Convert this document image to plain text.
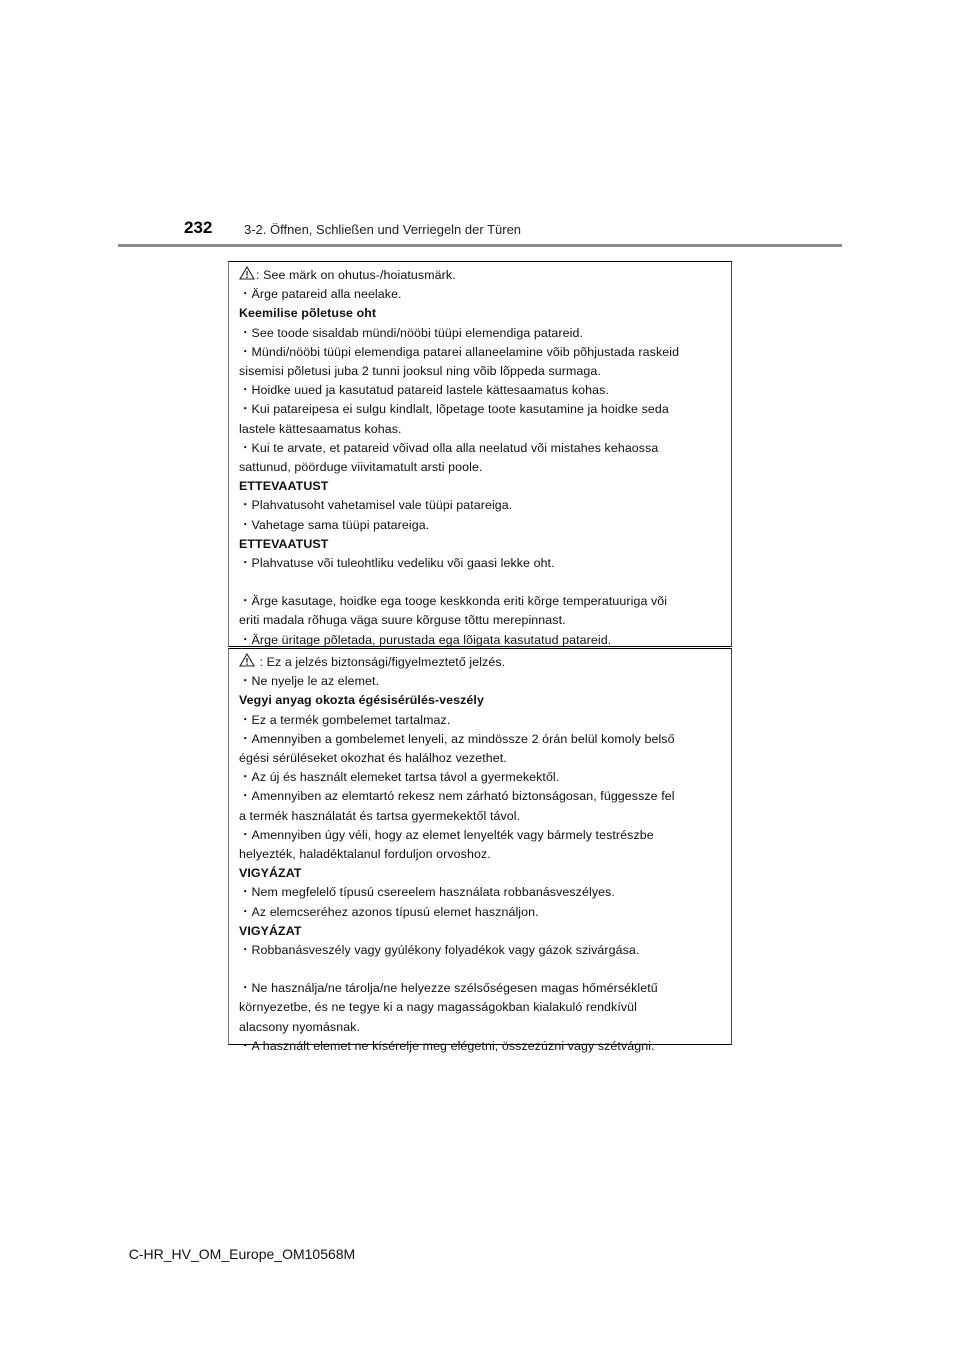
232 3-2. Öffnen, Schließen und Verriegeln der Türen
: See märk on ohutus-/hoiatusmärk.
・Ärge patareid alla neelake.
Keemilise põletuse oht
・See toode sisaldab mündi/nööbi tüüpi elemendiga patareid.
・Mündi/nööbi tüüpi elemendiga patarei allaneelamine võib põhjustada raskeid
sisemisi põletusi juba 2 tunni jooksul ning võib lõppeda surmaga.
・Hoidke uued ja kasutatud patareid lastele kättesaamatus kohas.
・Kui patareipesa ei sulgu kindlalt, lõpetage toote kasutamine ja hoidke seda
lastele kättesaamatus kohas.
・Kui te arvate, et patareid võivad olla alla neelatud või mistahes kehaossa
sattunud, pöörduge viivitamatult arsti poole.
ETTEVAATUST
・Plahvatusoht vahetamisel vale tüüpi patareiga.
・Vahetage sama tüüpi patareiga.
ETTEVAATUST
・Plahvatuse või tuleohtliku vedeliku või gaasi lekke oht.
・Ärge kasutage, hoidke ega tooge keskkonda eriti kõrge temperatuuriga või
eriti madala rõhuga väga suure kõrguse tõttu merepinnast.
・Ärge üritage põletada, purustada ega lõigata kasutatud patareid.
: Ez a jelzés biztonsági/figyelmeztető jelzés.
・Ne nyelje le az elemet.
Vegyi anyag okozta égésisérülés-veszély
・Ez a termék gombelemet tartalmaz.
・Amennyiben a gombelemet lenyeli, az mindössze 2 órán belül komoly belső
égési sérüléseket okozhat és halálhoz vezethet.
・Az új és használt elemeket tartsa távol a gyermekektől.
・Amennyiben az elemtartó rekesz nem zárható biztonságosan, függessze fel
a termék használatát és tartsa gyermekektől távol.
・Amennyiben úgy véli, hogy az elemet lenyelték vagy bármely testrészbe
helyezték, haladéktalanul forduljon orvoshoz.
VIGYÁZAT
・Nem megfelelő típusú csereelem használata robbanásveszélyes.
・Az elemcseréhez azonos típusú elemet használjon.
VIGYÁZAT
・Robbanásveszély vagy gyúlékony folyadékok vagy gázok szivárgása.
・Ne használja/ne tárolja/ne helyezze szélsőségesen magas hőmérsékletű
környezetbe, és ne tegye ki a nagy magasságokban kialakuló rendkívül
alacsony nyomásnak.
・A használt elemet ne kísérelje meg elégetni, összezúzni vagy szétvágni.
C-HR_HV_OM_Europe_OM10568M
